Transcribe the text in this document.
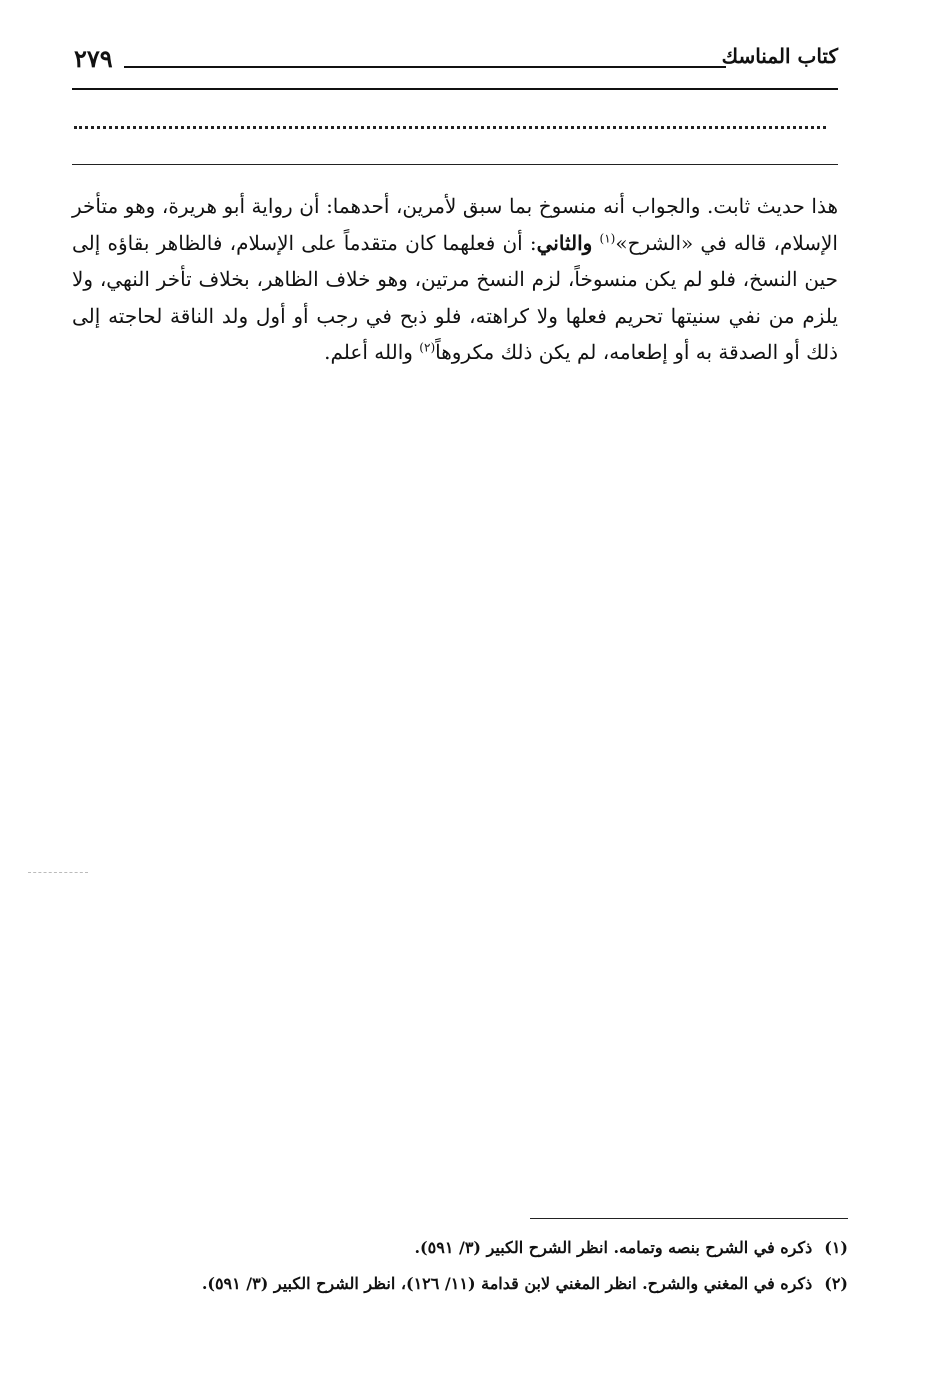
٢٧٩	كتاب المناسك
هذا حديث ثابت. والجواب أنه منسوخ بما سبق لأمرين، أحدهما: أن رواية أبو هريرة، وهو متأخر الإسلام، قاله في «الشرح»$^{(١)}$ والثاني: أن فعلهما كان متقدماً على الإسلام، فالظاهر بقاؤه إلى حين النسخ، فلو لم يكن منسوخاً، لزم النسخ مرتين، وهو خلاف الظاهر، بخلاف تأخر النهي، ولا يلزم من نفي سنيتها تحريم فعلها ولا كراهته، فلو ذبح في رجب أو أول ولد الناقة لحاجته إلى ذلك أو الصدقة به أو إطعامه، لم يكن ذلك مكروهاً$^{(٢)}$ والله أعلم.
(١)ذكره في الشرح بنصه وتمامه. انظر الشرح الكبير (٣/ ٥٩١).
(٢)ذكره في المغني والشرح. انظر المغني لابن قدامة (١١/ ١٢٦)، انظر الشرح الكبير (٣/ ٥٩١).
